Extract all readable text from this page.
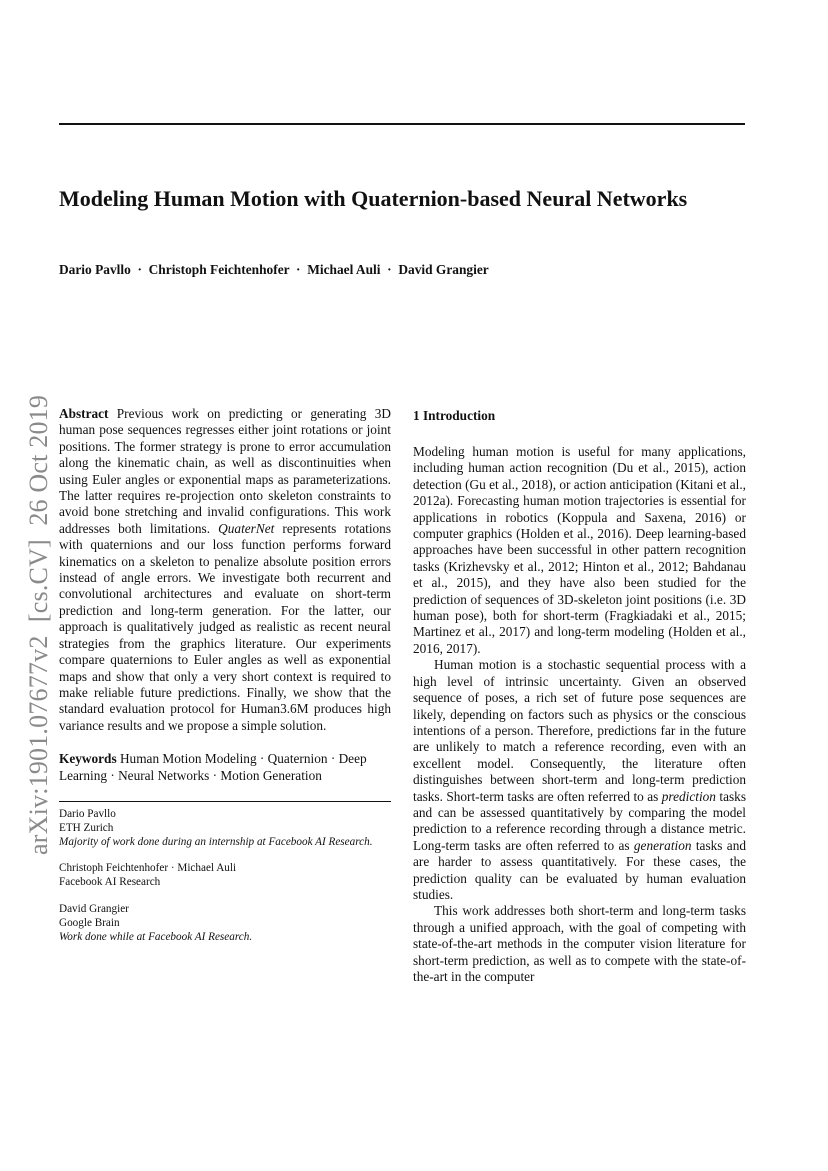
Modeling Human Motion with Quaternion-based Neural Networks
Dario Pavllo  ·  Christoph Feichtenhofer  ·  Michael Auli  ·  David Grangier
arXiv:1901.07677v2  [cs.CV]  26 Oct 2019 Abstract Previous work on predicting or generating 3D human pose sequences regresses either joint rotations or joint positions. The former strategy is prone to error accumulation along the kinematic chain, as well as discontinuities when using Euler angles or exponential maps as parameterizations. The latter requires re-projection onto skeleton constraints to avoid bone stretching and invalid configurations. This work addresses both limitations. QuaterNet represents rotations with quaternions and our loss function performs forward kinematics on a skeleton to penalize absolute position errors instead of angle errors. We investigate both recurrent and convolutional architectures and evaluate on short-term prediction and long-term generation. For the latter, our approach is qualitatively judged as realistic as recent neural strategies from the graphics literature. Our experiments compare quaternions to Euler angles as well as exponential maps and show that only a very short context is required to make reliable future predictions. Finally, we show that the standard evaluation protocol for Human3.6M produces high variance results and we propose a simple solution.

Keywords Human Motion Modeling · Quaternion · Deep Learning · Neural Networks · Motion Generation

Dario Pavllo
ETH Zurich
Majority of work done during an internship at Facebook AI Research.

Christoph Feichtenhofer · Michael Auli
Facebook AI Research

David Grangier
Google Brain
Work done while at Facebook AI Research.

1 Introduction

Modeling human motion is useful for many applications, including human action recognition (Du et al., 2015), action detection (Gu et al., 2018), or action anticipation (Kitani et al., 2012a). Forecasting human motion trajectories is essential for applications in robotics (Koppula and Saxena, 2016) or computer graphics (Holden et al., 2016). Deep learning-based approaches have been successful in other pattern recognition tasks (Krizhevsky et al., 2012; Hinton et al., 2012; Bahdanau et al., 2015), and they have also been studied for the prediction of sequences of 3D-skeleton joint positions (i.e. 3D human pose), both for short-term (Fragkiadaki et al., 2015; Martinez et al., 2017) and long-term modeling (Holden et al., 2016, 2017).

Human motion is a stochastic sequential process with a high level of intrinsic uncertainty. Given an observed sequence of poses, a rich set of future pose sequences are likely, depending on factors such as physics or the conscious intentions of a person. Therefore, predictions far in the future are unlikely to match a reference recording, even with an excellent model. Consequently, the literature often distinguishes between short-term and long-term prediction tasks. Short-term tasks are often referred to as prediction tasks and can be assessed quantitatively by comparing the model prediction to a reference recording through a distance metric. Long-term tasks are often referred to as generation tasks and are harder to assess quantitatively. For these cases, the prediction quality can be evaluated by human evaluation studies.

This work addresses both short-term and long-term tasks through a unified approach, with the goal of competing with state-of-the-art methods in the computer vision literature for short-term prediction, as well as to compete with the state-of-the-art in the computer
